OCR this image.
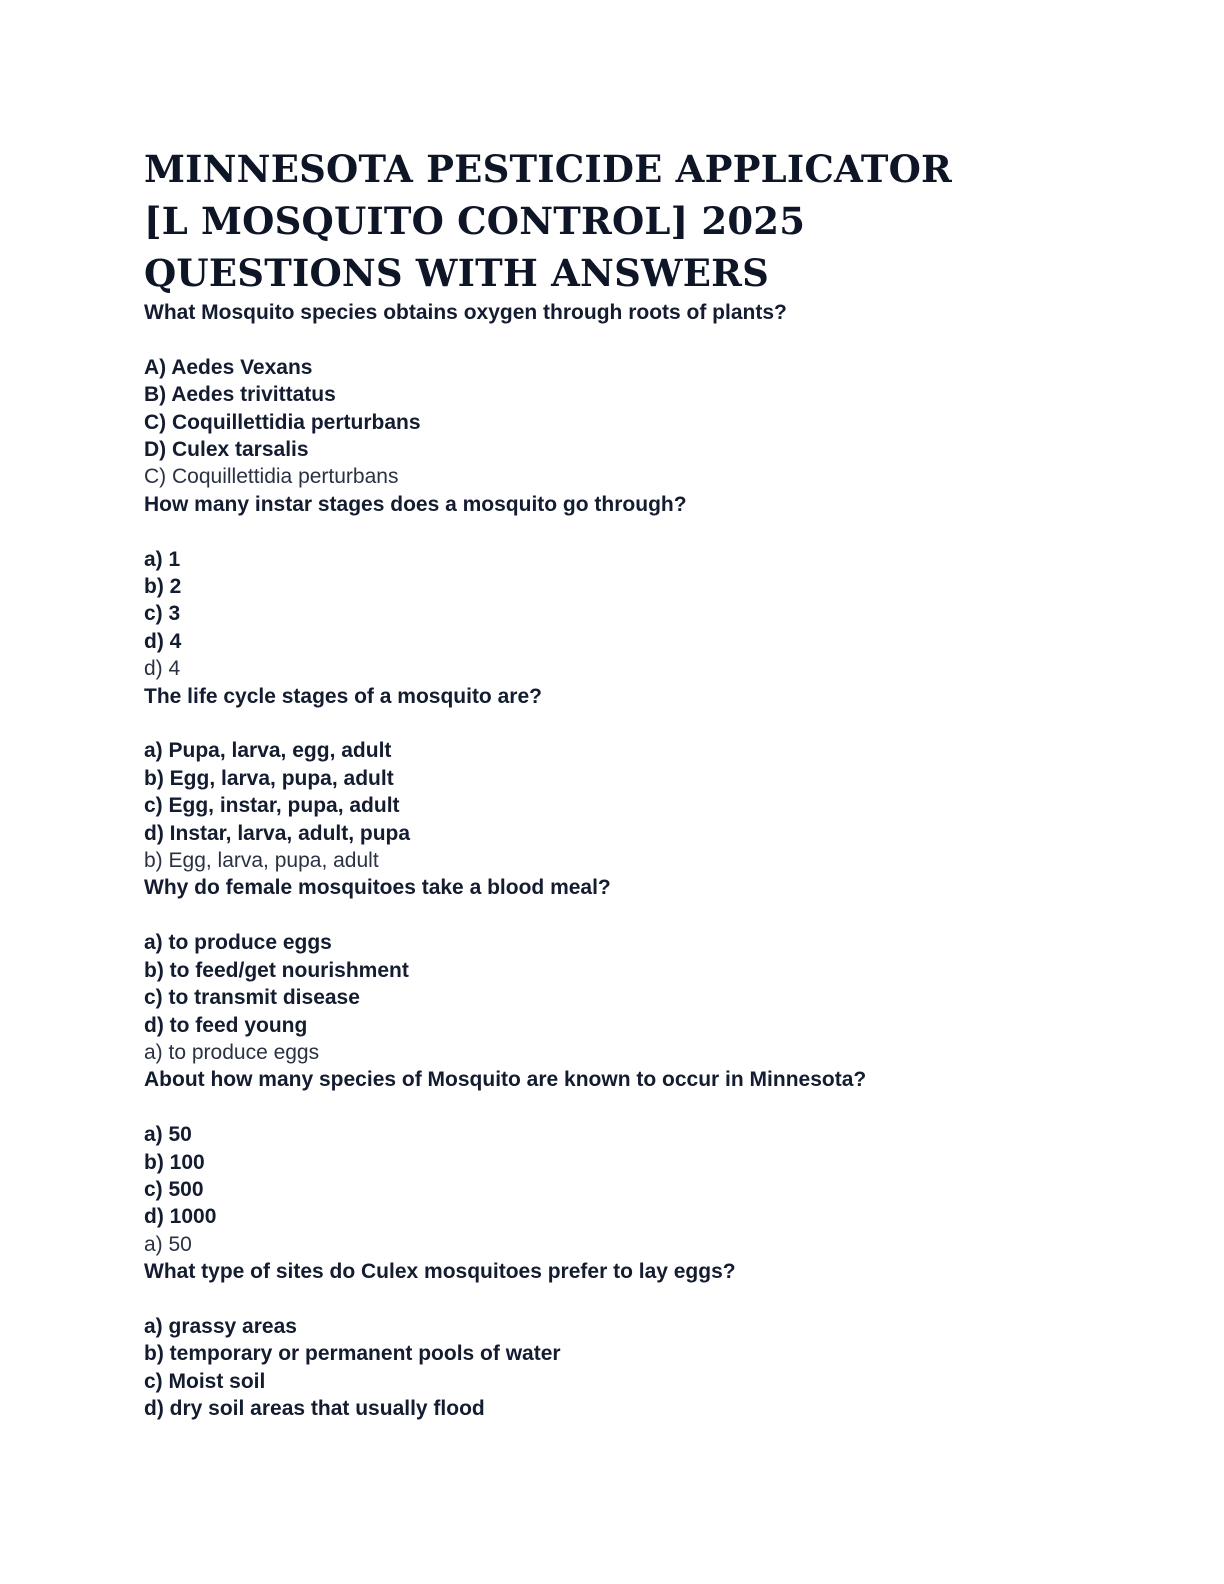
MINNESOTA PESTICIDE APPLICATOR
[L MOSQUITO CONTROL] 2025
QUESTIONS WITH ANSWERS
What Mosquito species obtains oxygen through roots of plants?
A) Aedes Vexans
B) Aedes trivittatus
C) Coquillettidia perturbans
D) Culex tarsalis
C) Coquillettidia perturbans
How many instar stages does a mosquito go through?
a) 1
b) 2
c) 3
d) 4
d) 4
The life cycle stages of a mosquito are?
a) Pupa, larva, egg, adult
b) Egg, larva, pupa, adult
c) Egg, instar, pupa, adult
d) Instar, larva, adult, pupa
b) Egg, larva, pupa, adult
Why do female mosquitoes take a blood meal?
a) to produce eggs
b) to feed/get nourishment
c) to transmit disease
d) to feed young
a) to produce eggs
About how many species of Mosquito are known to occur in Minnesota?
a) 50
b) 100
c) 500
d) 1000
a) 50
What type of sites do Culex mosquitoes prefer to lay eggs?
a) grassy areas
b) temporary or permanent pools of water
c) Moist soil
d) dry soil areas that usually flood
